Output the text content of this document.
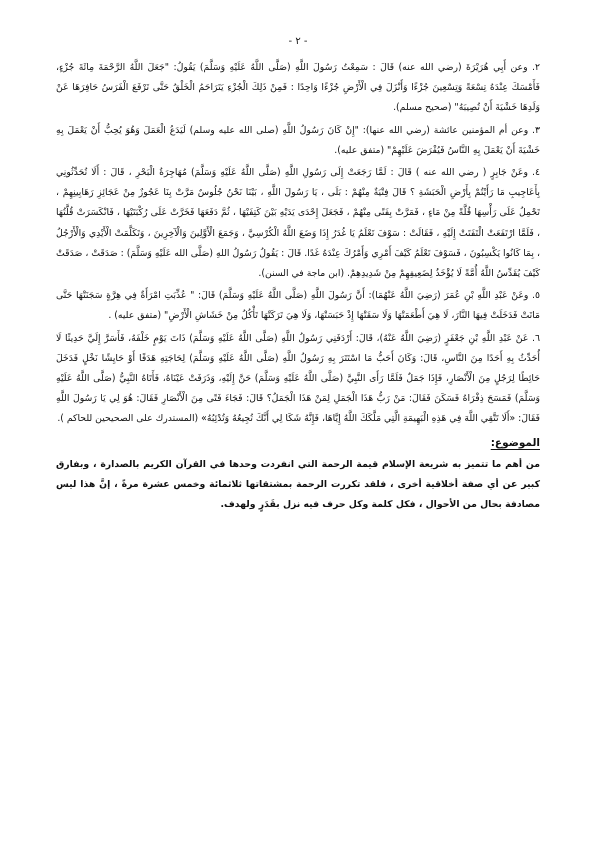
- ٢ -

٢. وعن أَبِي هُرَيْرَةَ (رضي الله عنه) قَالَ : سَمِعْتُ رَسُولَ اللَّهِ (صَلَّى اللَّهُ عَلَيْهِ وَسَلَّمَ) يَقُولُ: "جَعَلَ اللَّهُ الرَّحْمَةَ مِائَةَ جُزْءٍ، فَأَمْسَكَ عِنْدَهُ تِسْعَةً وَتِسْعِينَ جُزْءًا وَأَنْزَلَ فِي الْأَرْضِ جُزْءًا وَاحِدًا : فَمِنْ ذَلِكَ الْجُزْءِ يَتَرَاحَمُ الْخَلْقُ حَتَّى تَرْفَعَ الْفَرَسُ حَافِرَهَا عَنْ وَلَدِهَا خَشْيَةَ أَنْ تُصِيبَهُ" (صحيح مسلم).

٣. وعن أم المؤمنين عائشة (رضي الله عنها): "إِنْ كَانَ رَسُولُ اللَّهِ (صلى الله عليه وسلم) لَيَدَعُ الْعَمَلَ وَهُوَ يُحِبُّ أَنْ يَعْمَلَ بِهِ خَشْيَةَ أَنْ يَعْمَلَ بِهِ النَّاسُ فَيُفْرَضَ عَلَيْهِمْ" (متفق عليه).

٤. وعَنْ جَابِرٍ ( رضي الله عنه ) قَالَ : لَمَّا رَجَعَتْ إِلَى رَسُولِ اللَّهِ (صَلَّى اللَّهُ عَلَيْهِ وَسَلَّمَ) مُهَاجِرَةُ الْبَحْرِ ، قَالَ : أَلَا تُحَدِّثُونِي بِأَعَاجِيبِ مَا رَأَيْتُمْ بِأَرْضِ الْحَبَشَةِ ؟ قَالَ فِتْيَةٌ مِنْهُمْ : بَلَى ، يَا رَسُولَ اللَّهِ ، بَيْنَا نَحْنُ جُلُوسٌ مَرَّتْ بِنَا عَجُوزٌ مِنْ عَجَائِزِ رَهَابِينِهِمْ ، تَحْمِلُ عَلَى رَأْسِهَا قُلَّةً مِنْ مَاءٍ ، فَمَرَّتْ بِفَتًى مِنْهُمْ ، فَجَعَلَ إِحْدَى يَدَيْهِ بَيْنَ كَتِفَيْهَا ، ثُمَّ دَفَعَهَا فَخَرَّتْ عَلَى رُكْبَتَيْهَا ، فَانْكَسَرَتْ قُلَّتُهَا ، فَلَمَّا ارْتَفَعَتْ الْتَفَتَتْ إِلَيْهِ ، فَقَالَتْ : سَوْفَ تَعْلَمُ يَا غُدَرُ إِذَا وَضَعَ اللَّهُ الْكُرْسِيَّ ، وَجَمَعَ الْأَوَّلِينَ وَالْآخِرِينَ ، وَتَكَلَّمَتْ الْأَيْدِي وَالْأَرْجُلُ ، بِمَا كَانُوا يَكْسِبُونَ ، فَسَوْفَ تَعْلَمُ كَيْفَ أَمْرِي وَأَمْرُكَ عِنْدَهُ غَدًا. قَالَ : يَقُولُ رَسُولُ اللهِ (صَلَّى الله عَلَيْهِ وَسَلَّمَ) : صَدَقَتْ ، صَدَقَتْ كَيْفَ يُقَدِّسُ اللَّهُ أُمَّةً لَا يُؤْخَذُ لِضَعِيفِهِمْ مِنْ شَدِيدِهِمْ. (ابن ماجة في السنن).

٥. وعَنْ عَبْدِ اللَّهِ بْنِ عُمَرَ (رَضِيَ اللَّهُ عَنْهُمَا): أَنَّ رَسُولَ اللَّهِ (صَلَّى اللَّهُ عَلَيْهِ وَسَلَّمَ) قَالَ: " عُذِّبَتِ امْرَأَةٌ فِي هِرَّةٍ سَجَنَتْهَا حَتَّى مَاتَتْ فَدَخَلَتْ فِيهَا النَّارَ، لَا هِيَ أَطْعَمَتْهَا وَلَا سَقَتْهَا إِذْ حَبَسَتْهَا، وَلَا هِيَ تَرَكَتْهَا تَأْكُلُ مِنْ خَشَاشِ الْأَرْضِ" (متفق عليه) .

٦. عَنْ عَبْدِ اللَّهِ بْنِ جَعْفَرٍ (رَضِيَ اللَّهُ عَنْهُ)، قَالَ: أَرْدَفَنِي رَسُولُ اللَّهِ (صَلَّى اللَّهُ عَلَيْهِ وَسَلَّمَ) ذَاتَ يَوْمٍ خَلْفَهُ، فَأَسَرَّ إِلَيَّ حَدِيثًا لَا أُحَدِّثُ بِهِ أَحَدًا مِنَ النَّاسِ، قَالَ: وَكَانَ أَحَبُّ مَا اسْتَتَرَ بِهِ رَسُولُ اللَّهِ (صَلَّى اللَّهُ عَلَيْهِ وَسَلَّمَ) لِحَاجَتِهِ هَدَفًا أَوْ حَايِشًا نَخْلٍ فَدَخَلَ حَائِطًا لِرَجُلٍ مِنَ الْأَنْصَارِ، فَإِذَا جَمَلٌ فَلَمَّا رَأَى النَّبِيَّ (صَلَّى اللَّهُ عَلَيْهِ وَسَلَّمَ) حَنَّ إِلَيْهِ، وَذَرَفَتْ عَيْنَاهُ، فَأَتَاهُ النَّبِيُّ (صَلَّى اللَّهُ عَلَيْهِ وَسَلَّمَ) فَمَسَحَ ذِفْرَاهُ فَسَكَنَ فَقَالَ: مَنْ رَبُّ هَذَا الْجَمَلِ لِمَنْ هَذَا الْجَمَلُ؟ قَالَ: فَجَاءَ فَتًى مِنَ الْأَنْصَارِ فَقَالَ: هُوَ لِي يَا رَسُولَ اللَّهِ فَقَالَ: «أَلَا تَتَّقِي اللَّهَ فِي هَذِهِ الْبَهِيمَةِ الَّتِي مَلَّكَكَ اللَّهُ إِيَّاهَا، فَإِنَّهُ شَكَا لِي أَنَّكَ تُجِيعُهُ وَتُدْئِبُهُ» (المستدرك على الصحيحين للحاكم ).

الموضوع:

من أهم ما تتميز به شريعة الإسلام قيمة الرحمة التي انفردت وحدها في القرآن الكريم بالصدارة ، وبفارق كبير عن أي صفة أخلاقية أخرى ، فلقد تكررت الرحمة بمشتقاتها ثلاثمائة وخمس عشرة مرةً ، إنَّ هذا ليس مصادفة بحال من الأحوال ، فكل كلمة وكل حرف فيه نزل بقَدَرٍ ولهدف.
